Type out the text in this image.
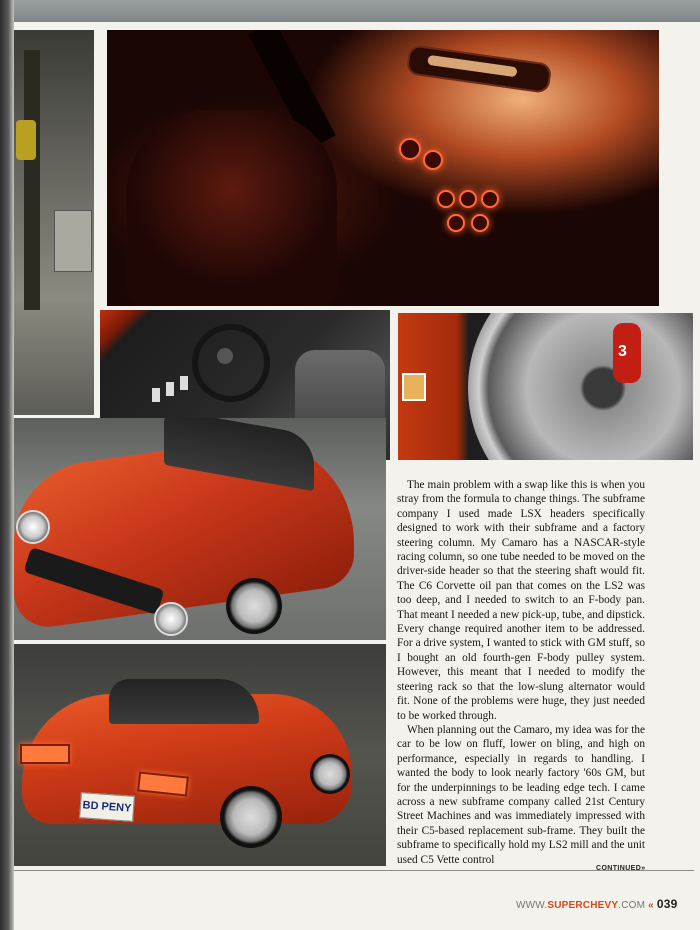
3
BD PENY

The main problem with a swap like this is when you stray from the formula to change things. The subframe company I used made LSX headers specifically designed to work with their subframe and a factory steering column. My Camaro has a NASCAR-style racing column, so one tube needed to be moved on the driver-side header so that the steering shaft would fit. The C6 Corvette oil pan that comes on the LS2 was too deep, and I needed to switch to an F-body pan. That meant I needed a new pick-up, tube, and dipstick. Every change required another item to be addressed. For a drive system, I wanted to stick with GM stuff, so I bought an old fourth-gen F-body pulley system. However, this meant that I needed to modify the steering rack so that the low-slung alternator would fit. None of the problems were huge, they just needed to be worked through.

When planning out the Camaro, my idea was for the car to be low on fluff, lower on bling, and high on performance, especially in regards to handling. I wanted the body to look nearly factory '60s GM, but for the underpinnings to be leading edge tech. I came across a new subframe company called 21st Century Street Machines and was immediately impressed with their C5-based replacement sub-frame. They built the subframe to specifically hold my LS2 mill and the unit used C5 Vette control

CONTINUED»
WWW.SUPERCHEVY.COM « 039
